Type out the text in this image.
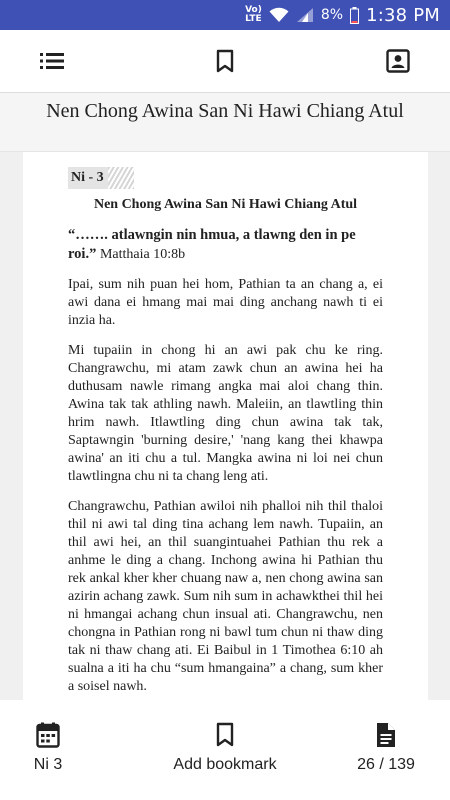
Vo)
LTE	8% 1:38 PM
Nen Chong Awina San Ni Hawi Chiang Atul
Ni - 3
Nen Chong Awina San Ni Hawi Chiang Atul
“……. atlawngin nin hmua, a tlawng den in pe roi.” Matthaia 10:8b

Ipai, sum nih puan hei hom, Pathian ta an chang a, ei awi dana ei hmang mai mai ding anchang nawh ti ei inzia ha.

Mi tupaiin in chong hi an awi pak chu ke ring. Changrawchu, mi atam zawk chun an awina hei ha duthusam nawle rimang angka mai aloi chang thin. Awina tak tak athling nawh. Maleiin, an tlawtling thin hrim nawh. Itlawtling ding chun awina tak tak, Saptawngin 'burning desire,' 'nang kang thei khawpa awina' an iti chu a tul. Mangka awina ni loi nei chun tlawtlingna chu ni ta chang leng ati.

Changrawchu, Pathian awiloi nih phalloi nih thil thaloi thil ni awi tal ding tina achang lem nawh. Tupaiin, an thil awi hei, an thil suangintuahei Pathian thu rek a anhme le ding a chang. Inchong awina hi Pathian thu rek ankal kher kher chuang naw a, nen chong awina san azirin achang zawk. Sum nih sum in achawkthei thil hei ni hmangai achang chun insual ati. Changrawchu, nen chongna in Pathian rong ni bawl tum chun ni thaw ding tak ni thaw chang ati. Ei Baibul in 1 Timothea 6:10 ah sualna a iti ha chu “sum hmangaina” a chang, sum kher a soisel nawh.

Ni 3	Add bookmark	26 / 139
